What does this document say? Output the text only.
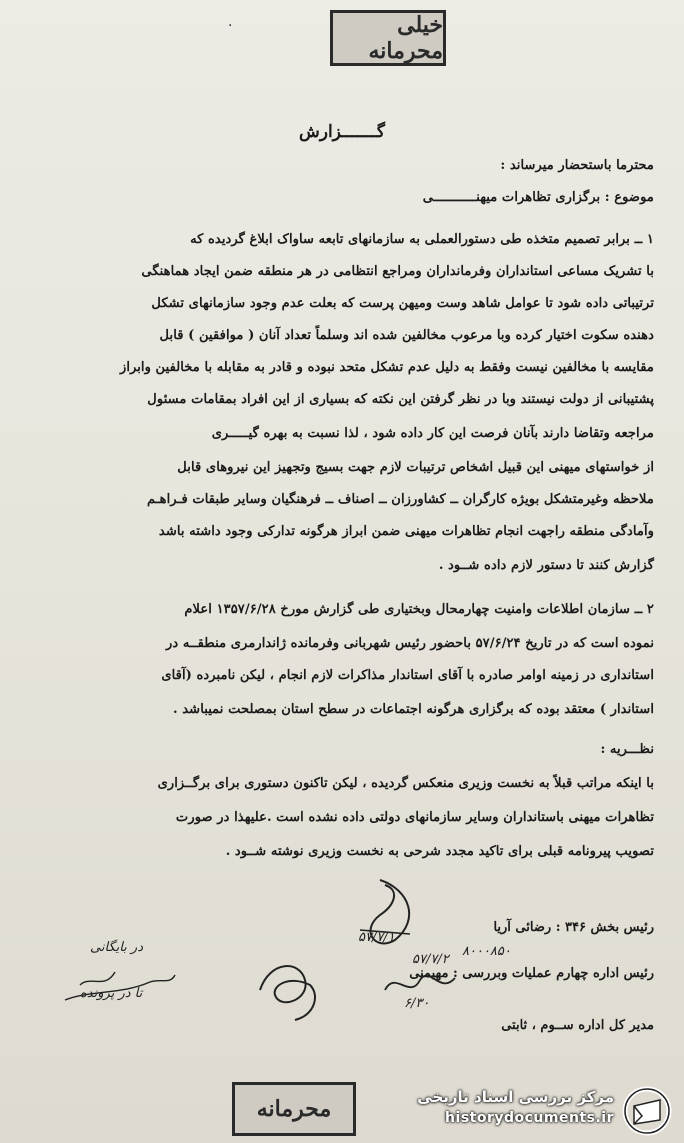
خیلی محرمانه
·
گـــــــزارش
محترما باستحضار میرساند :
موضوع : برگزاری تظاهرات میهنـــــــــــی
۱ ــ برابر تصمیم متخذه طی دستورالعملی به سازمانهای تابعه ساواک ابلاغ گردیده که
با تشریک مساعی استانداران وفرمانداران ومراجع انتظامی در هر منطقه ضمن ایجاد هماهنگی
ترتیباتی داده شود تا عوامل شاهد وست وميهن پرست که بعلت عدم وجود سازمانهای تشکل
دهنده سکوت اختیار کرده وبا مرعوب مخالفین شده اند وسلماً تعداد آنان ( موافقین ) قابل
مقایسه با مخالفین نیست وفقط به دلیل عدم تشکل متحد نبوده و قادر به مقابله با مخالفین وابراز
پشتیبانی از دولت نیستند وبا در نظر گرفتن این نکته که بسیاری از این افراد بمقامات مسئول
مراجعه وتقاضا دارند بآنان فرصت این کار داده شود ، لذا نسبت به بهره گیـــــری
از خواستهای میهنی این قبیل اشخاص ترتیبات لازم جهت بسیج وتجهیز این نیروهای قابل
ملاحظه وغیرمتشکل بویژه کارگران ــ کشاورزان ــ اصناف ــ فرهنگیان وسایر طبقات فـراهـم
وآمادگی منطقه راجهت انجام تظاهرات میهنی ضمن ابراز هرگونه تدارکی وجود داشته باشد
گزارش کنند تا دستور لازم داده شــود .
۲ ــ سازمان اطلاعات وامنیت چهارمحال وبختیاری طی گزارش مورخ ۱۳۵۷/۶/۲۸ اعلام
نموده است که در تاریخ ۵۷/۶/۲۴ باحضور رئیس شهربانی وفرمانده ژاندارمری منطقــه در
استانداری در زمینه اوامر صادره با آقای استاندار مذاکرات لازم انجام ، لیکن نامبرده (آقای
استاندار ) معتقد بوده که برگزاری هرگونه اجتماعات در سطح استان بمصلحت نمیباشد .
نظـــریه :
با اینکه مراتب قبلاً به نخست وزیری منعکس گردیده ، لیکن تاکنون دستوری برای برگــزاری
تظاهرات میهنی باستانداران وسایر سازمانهای دولتی داده نشده است .علیهذا در صورت
تصویب پیرونامه قبلی برای تاکید مجدد شرحی به نخست وزیری نوشته شــود .
رئیس بخش ۳۴۶ : رضائی آریا
رئیس اداره چهارم عملیات وبررسی : مهیمنی
مدیر کل اداره ســوم ، ثابتی
۵۷/۷/۱
۸۰۰۰۸۵۰
۵۷/۷/۲
۶/۳۰
در بایگانی
تا در پرونده
محرمانه	مرکز بررسی اسناد تاریخی
historydocuments.ir
